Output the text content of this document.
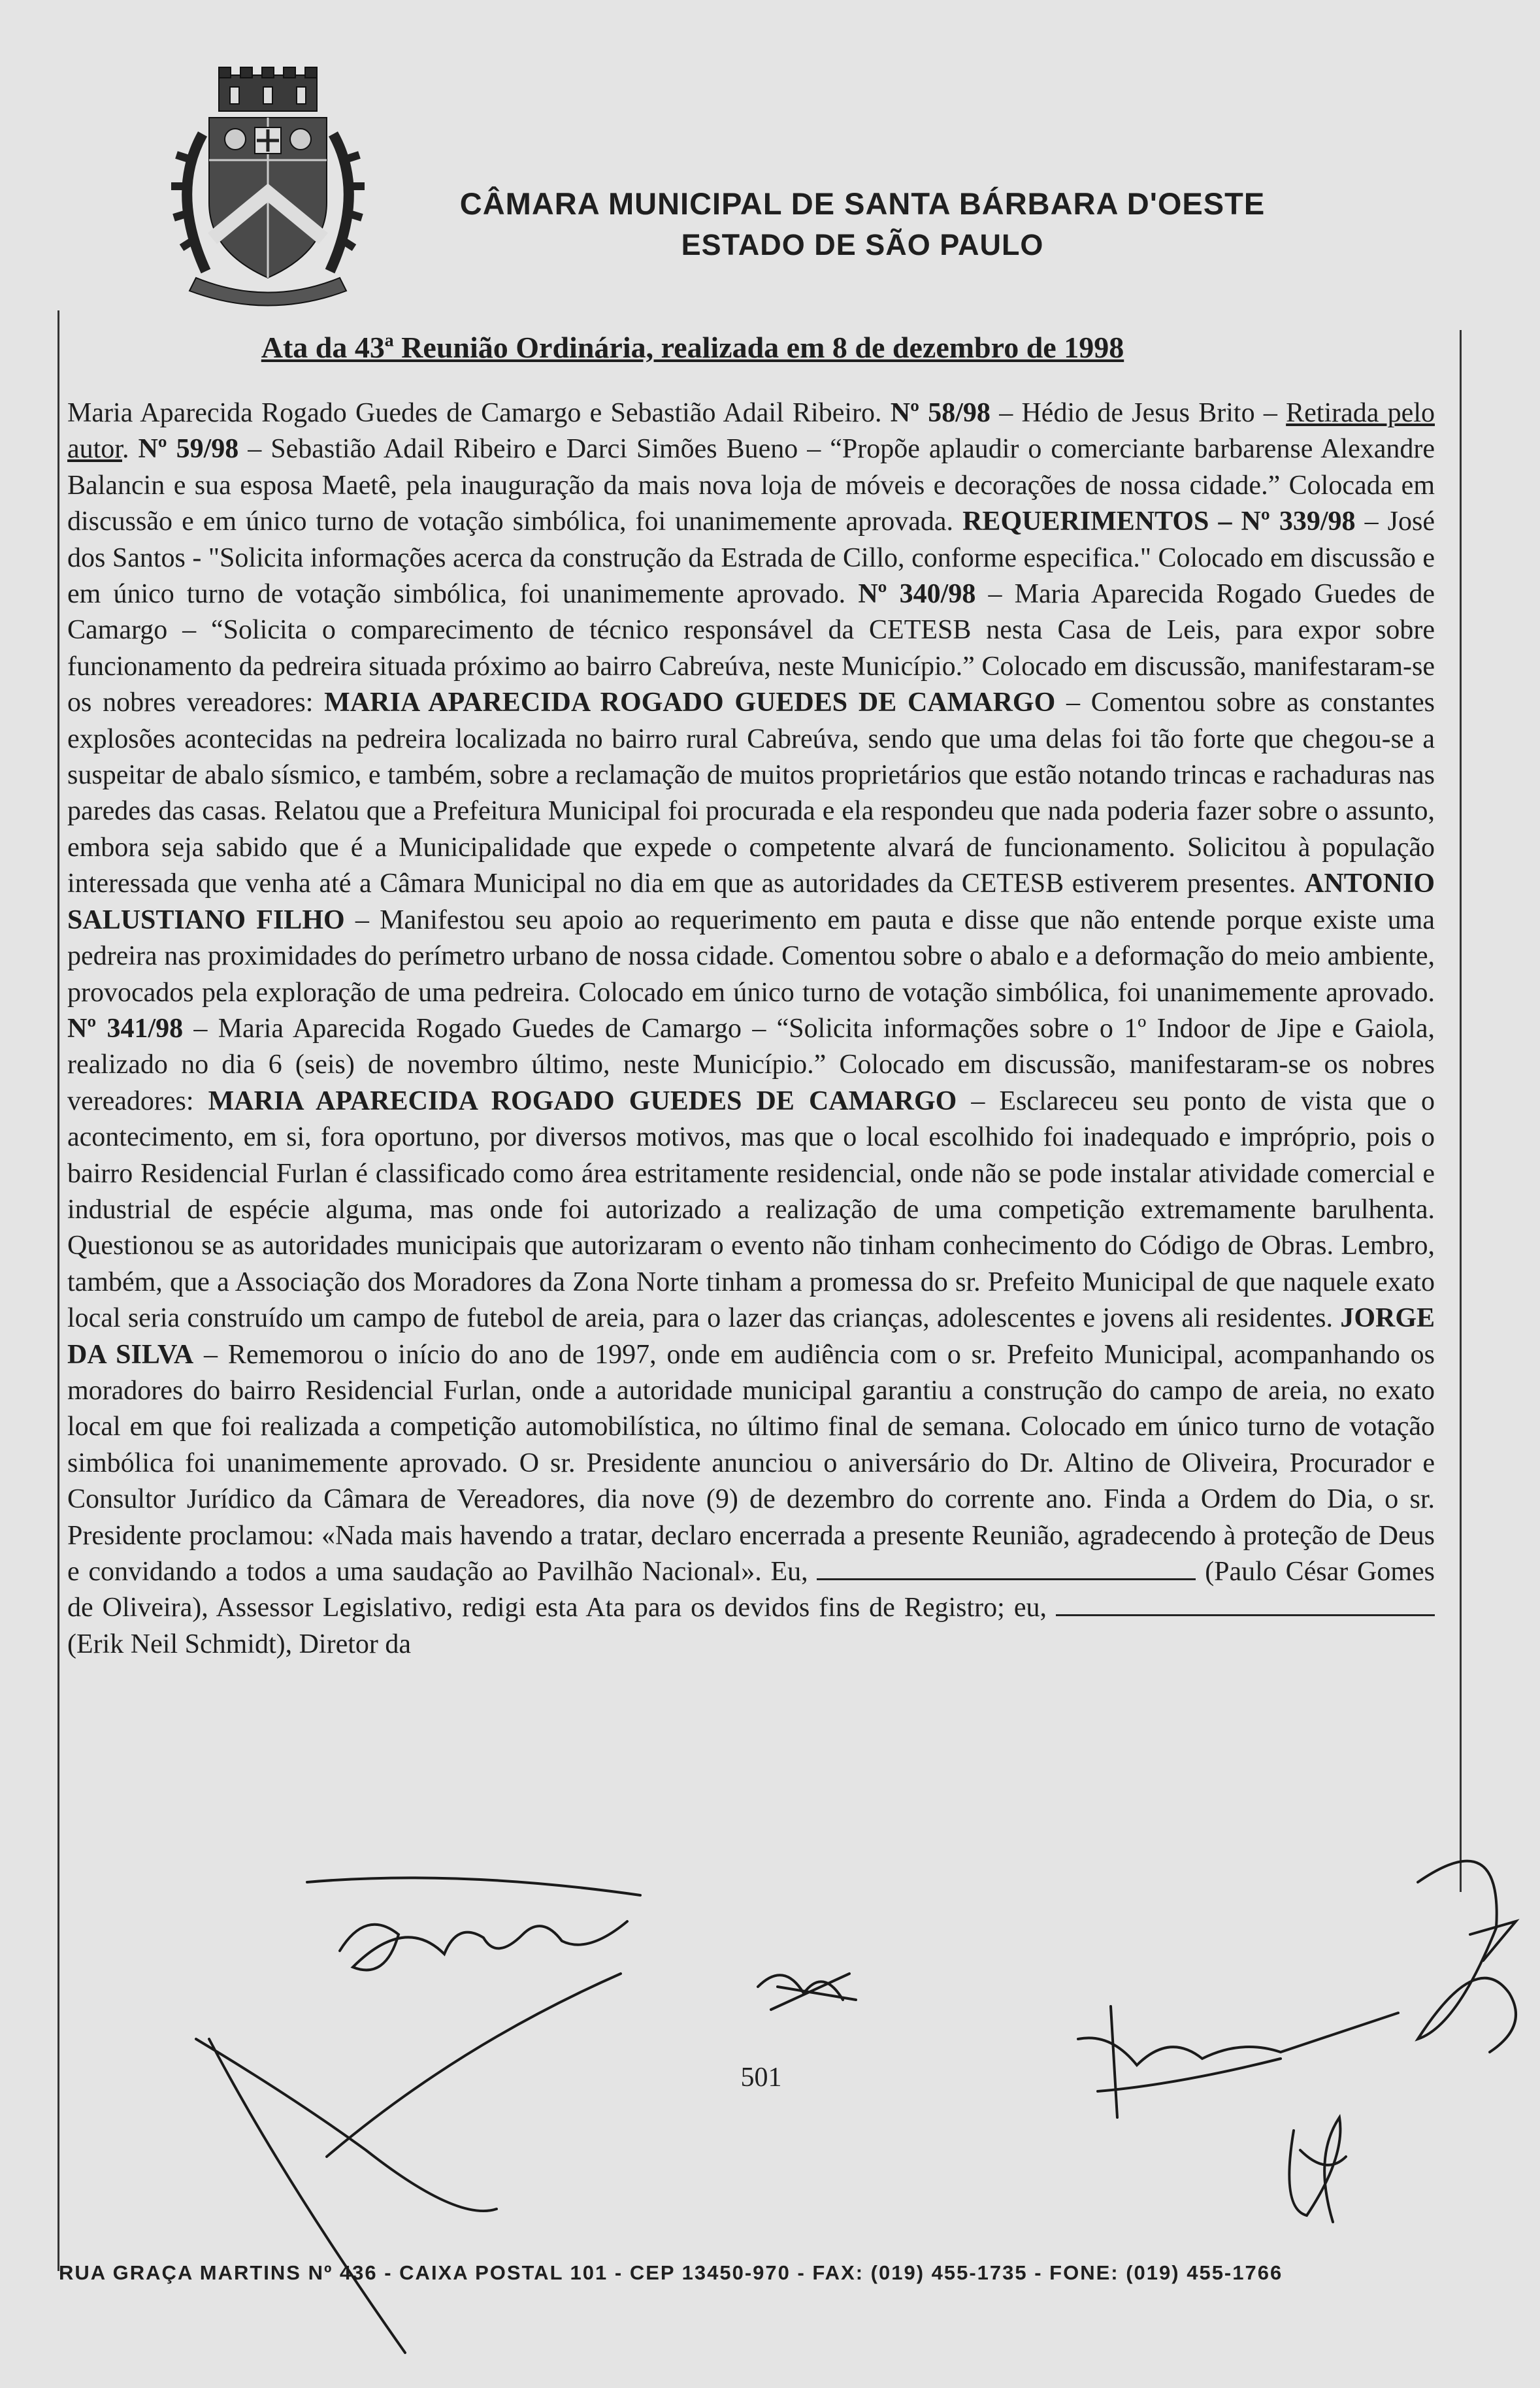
CÂMARA MUNICIPAL DE SANTA BÁRBARA D'OESTE
ESTADO DE SÃO PAULO
Ata da 43ª Reunião Ordinária, realizada em 8 de dezembro de 1998

Maria Aparecida Rogado Guedes de Camargo e Sebastião Adail Ribeiro. Nº 58/98 – Hédio de Jesus Brito – Retirada pelo autor. Nº 59/98 – Sebastião Adail Ribeiro e Darci Simões Bueno – “Propõe aplaudir o comerciante barbarense Alexandre Balancin e sua esposa Maetê, pela inauguração da mais nova loja de móveis e decorações de nossa cidade.” Colocada em discussão e em único turno de votação simbólica, foi unanimemente aprovada. REQUERIMENTOS – Nº 339/98 – José dos Santos - "Solicita informações acerca da construção da Estrada de Cillo, conforme especifica." Colocado em discussão e em único turno de votação simbólica, foi unanimemente aprovado. Nº 340/98 – Maria Aparecida Rogado Guedes de Camargo – “Solicita o comparecimento de técnico responsável da CETESB nesta Casa de Leis, para expor sobre funcionamento da pedreira situada próximo ao bairro Cabreúva, neste Município.” Colocado em discussão, manifestaram-se os nobres vereadores: MARIA APARECIDA ROGADO GUEDES DE CAMARGO – Comentou sobre as constantes explosões acontecidas na pedreira localizada no bairro rural Cabreúva, sendo que uma delas foi tão forte que chegou-se a suspeitar de abalo sísmico, e também, sobre a reclamação de muitos proprietários que estão notando trincas e rachaduras nas paredes das casas. Relatou que a Prefeitura Municipal foi procurada e ela respondeu que nada poderia fazer sobre o assunto, embora seja sabido que é a Municipalidade que expede o competente alvará de funcionamento. Solicitou à população interessada que venha até a Câmara Municipal no dia em que as autoridades da CETESB estiverem presentes. ANTONIO SALUSTIANO FILHO – Manifestou seu apoio ao requerimento em pauta e disse que não entende porque existe uma pedreira nas proximidades do perímetro urbano de nossa cidade. Comentou sobre o abalo e a deformação do meio ambiente, provocados pela exploração de uma pedreira. Colocado em único turno de votação simbólica, foi unanimemente aprovado. Nº 341/98 – Maria Aparecida Rogado Guedes de Camargo – “Solicita informações sobre o 1º Indoor de Jipe e Gaiola, realizado no dia 6 (seis) de novembro último, neste Município.” Colocado em discussão, manifestaram-se os nobres vereadores: MARIA APARECIDA ROGADO GUEDES DE CAMARGO – Esclareceu seu ponto de vista que o acontecimento, em si, fora oportuno, por diversos motivos, mas que o local escolhido foi inadequado e impróprio, pois o bairro Residencial Furlan é classificado como área estritamente residencial, onde não se pode instalar atividade comercial e industrial de espécie alguma, mas onde foi autorizado a realização de uma competição extremamente barulhenta. Questionou se as autoridades municipais que autorizaram o evento não tinham conhecimento do Código de Obras. Lembro, também, que a Associação dos Moradores da Zona Norte tinham a promessa do sr. Prefeito Municipal de que naquele exato local seria construído um campo de futebol de areia, para o lazer das crianças, adolescentes e jovens ali residentes. JORGE DA SILVA – Rememorou o início do ano de 1997, onde em audiência com o sr. Prefeito Municipal, acompanhando os moradores do bairro Residencial Furlan, onde a autoridade municipal garantiu a construção do campo de areia, no exato local em que foi realizada a competição automobilística, no último final de semana. Colocado em único turno de votação simbólica foi unanimemente aprovado. O sr. Presidente anunciou o aniversário do Dr. Altino de Oliveira, Procurador e Consultor Jurídico da Câmara de Vereadores, dia nove (9) de dezembro do corrente ano. Finda a Ordem do Dia, o sr. Presidente proclamou: «Nada mais havendo a tratar, declaro encerrada a presente Reunião, agradecendo à proteção de Deus e convidando a todos a uma saudação ao Pavilhão Nacional». Eu,	(Paulo César Gomes de Oliveira), Assessor Legislativo, redigi esta Ata para os devidos fins de Registro; eu,  (Erik Neil Schmidt), Diretor da

501
RUA GRAÇA MARTINS Nº 436 - CAIXA POSTAL 101 - CEP 13450-970 - FAX: (019) 455-1735 - FONE: (019) 455-1766
